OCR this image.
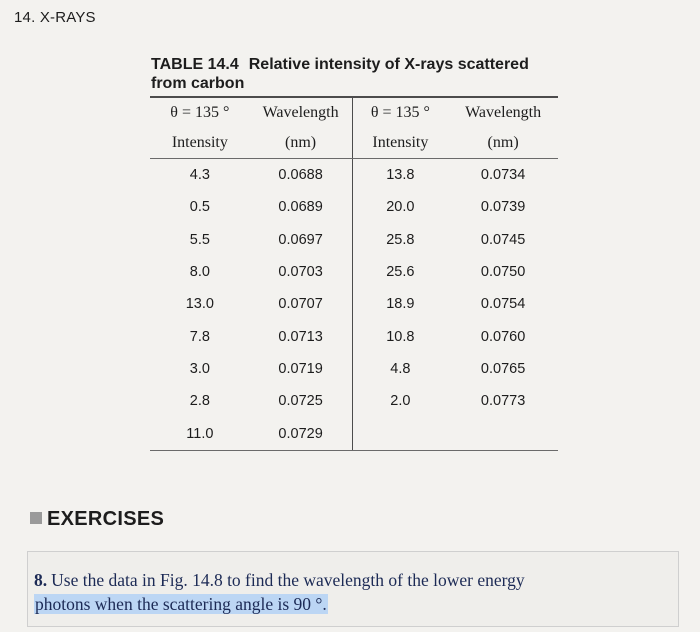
14. X-RAYS
TABLE 14.4 Relative intensity of X-rays scattered
from carbon
θ = 135 °	Wavelength	θ = 135 °	Wavelength
Intensity	(nm)	Intensity	(nm)
4.3	0.0688	13.8	0.0734
0.5	0.0689	20.0	0.0739
5.5	0.0697	25.8	0.0745
8.0	0.0703	25.6	0.0750
13.0	0.0707	18.9	0.0754
7.8	0.0713	10.8	0.0760
3.0	0.0719	4.8	0.0765
2.8	0.0725	2.0	0.0773
11.0	0.0729		
EXERCISES
8. Use the data in Fig. 14.8 to find the wavelength of the lower energy
photons when the scattering angle is 90 °.
